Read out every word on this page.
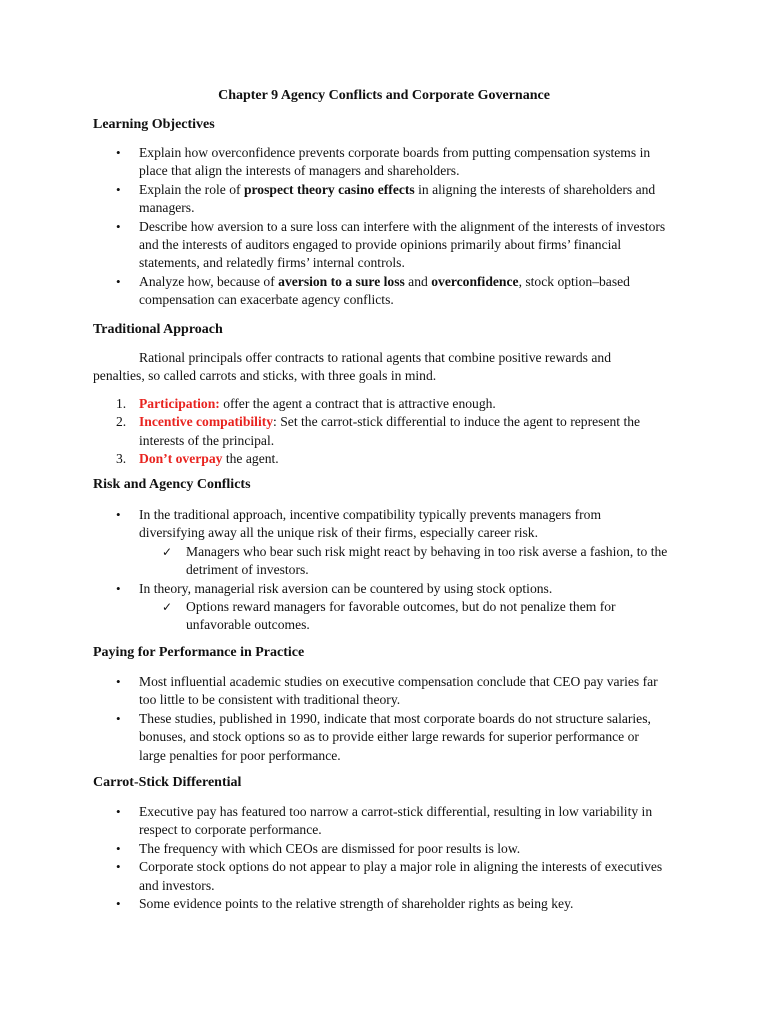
Chapter 9 Agency Conflicts and Corporate Governance
Learning Objectives
• Explain how overconfidence prevents corporate boards from putting compensation systems in place that align the interests of managers and shareholders.
• Explain the role of prospect theory casino effects in aligning the interests of shareholders and managers.
• Describe how aversion to a sure loss can interfere with the alignment of the interests of investors and the interests of auditors engaged to provide opinions primarily about firms’ financial statements, and relatedly firms’ internal controls.
• Analyze how, because of aversion to a sure loss and overconfidence, stock option–based compensation can exacerbate agency conflicts.
Traditional Approach

Rational principals offer contracts to rational agents that combine positive rewards and penalties, so called carrots and sticks, with three goals in mind.

1. Participation: offer the agent a contract that is attractive enough.
2. Incentive compatibility: Set the carrot-stick differential to induce the agent to represent the interests of the principal.
3. Don’t overpay the agent.
Risk and Agency Conflicts
• In the traditional approach, incentive compatibility typically prevents managers from diversifying away all the unique risk of their firms, especially career risk.
✓ Managers who bear such risk might react by behaving in too risk averse a fashion, to the detriment of investors.
• In theory, managerial risk aversion can be countered by using stock options.
✓ Options reward managers for favorable outcomes, but do not penalize them for unfavorable outcomes.
Paying for Performance in Practice
• Most influential academic studies on executive compensation conclude that CEO pay varies far too little to be consistent with traditional theory.
• These studies, published in 1990, indicate that most corporate boards do not structure salaries, bonuses, and stock options so as to provide either large rewards for superior performance or large penalties for poor performance.
Carrot-Stick Differential
• Executive pay has featured too narrow a carrot-stick differential, resulting in low variability in respect to corporate performance.
• The frequency with which CEOs are dismissed for poor results is low.
• Corporate stock options do not appear to play a major role in aligning the interests of executives and investors.
• Some evidence points to the relative strength of shareholder rights as being key.
